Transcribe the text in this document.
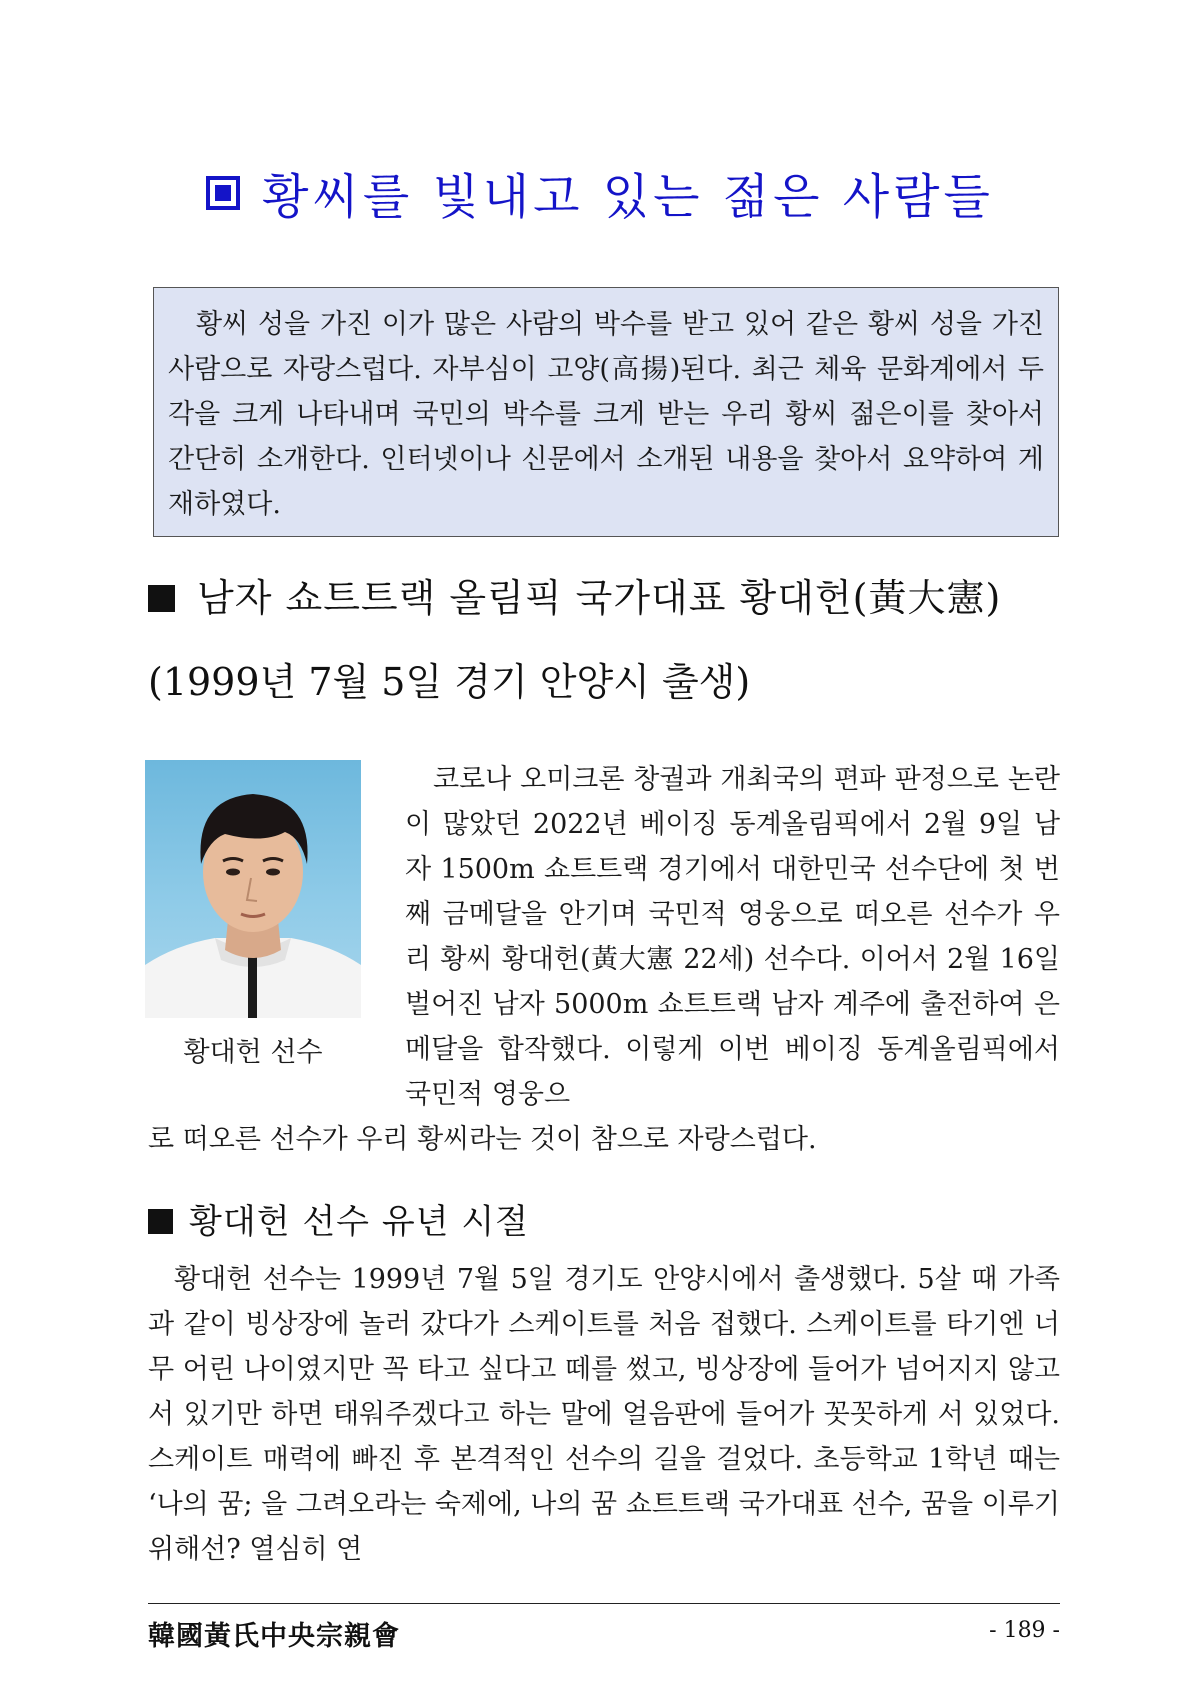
황씨를 빛내고 있는 젊은 사람들

황씨 성을 가진 이가 많은 사람의 박수를 받고 있어 같은 황씨 성을 가진 사람으로 자랑스럽다. 자부심이 고양(高揚)된다. 최근 체육 문화계에서 두각을 크게 나타내며 국민의 박수를 크게 받는 우리 황씨 젊은이를 찾아서 간단히 소개한다. 인터넷이나 신문에서 소개된 내용을 찾아서 요약하여 게재하였다.

남자 쇼트트랙 올림픽 국가대표 황대헌(黃大憲)
(1999년 7월 5일 경기 안양시 출생)
황대헌 선수

코로나 오미크론 창궐과 개최국의 편파 판정으로 논란이 많았던 2022년 베이징 동계올림픽에서 2월 9일 남자 1500m 쇼트트랙 경기에서 대한민국 선수단에 첫 번째 금메달을 안기며 국민적 영웅으로 떠오른 선수가 우리 황씨 황대헌(黃大憲 22세) 선수다. 이어서 2월 16일 벌어진 남자 5000m 쇼트트랙 남자 계주에 출전하여 은메달을 합작했다. 이렇게 이번 베이징 동계올림픽에서 국민적 영웅으

로 떠오른 선수가 우리 황씨라는 것이 참으로 자랑스럽다.

황대헌 선수 유년 시절

황대헌 선수는 1999년 7월 5일 경기도 안양시에서 출생했다. 5살 때 가족과 같이 빙상장에 놀러 갔다가 스케이트를 처음 접했다. 스케이트를 타기엔 너무 어린 나이였지만 꼭 타고 싶다고 떼를 썼고, 빙상장에 들어가 넘어지지 않고 서 있기만 하면 태워주겠다고 하는 말에 얼음판에 들어가 꼿꼿하게 서 있었다. 스케이트 매력에 빠진 후 본격적인 선수의 길을 걸었다. 초등학교 1학년 때는 ‘나의 꿈; 을 그려오라는 숙제에, 나의 꿈 쇼트트랙 국가대표 선수, 꿈을 이루기 위해선? 열심히 연

韓國黃氏中央宗親會	- 189 -
